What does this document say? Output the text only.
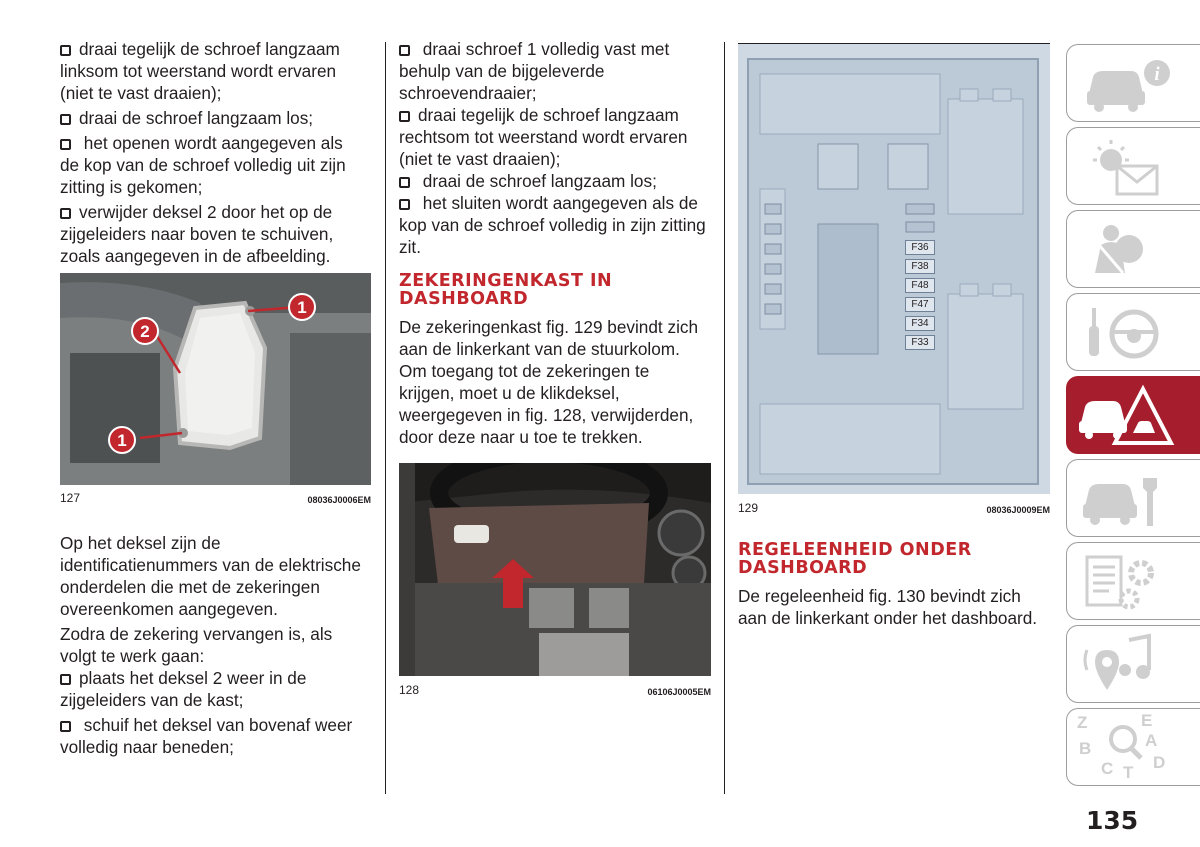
draai tegelijk de schroef langzaam
linksom tot weerstand wordt ervaren
(niet te vast draaien);

draai de schroef langzaam los;

het openen wordt aangegeven als
de kop van de schroef volledig uit zijn
zitting is gekomen;

verwijder deksel 2 door het op de
zijgeleiders naar boven te schuiven,
zoals aangegeven in de afbeelding.

1
2
1
127	08036J0006EM

Op het deksel zijn de
identificatienummers van de elektrische
onderdelen die met de zekeringen
overeenkomen aangegeven.

Zodra de zekering vervangen is, als
volgt te werk gaan:

plaats het deksel 2 weer in de
zijgeleiders van de kast;

schuif het deksel van bovenaf weer
volledig naar beneden;

draai schroef 1 volledig vast met
behulp van de bijgeleverde
schroevendraaier;

draai tegelijk de schroef langzaam
rechtsom tot weerstand wordt ervaren
(niet te vast draaien);

draai de schroef langzaam los;

het sluiten wordt aangegeven als de
kop van de schroef volledig in zijn zitting
zit.

ZEKERINGENKAST IN
DASHBOARD

De zekeringenkast fig. 129 bevindt zich
aan de linkerkant van de stuurkolom.
Om toegang tot de zekeringen te
krijgen, moet u de klikdeksel,
weergegeven in fig. 128, verwijderden,
door deze naar u toe te trekken.

128	06106J0005EM
F36
F38
F48
F47
F34
F33
129	08036J0009EM
REGELEENHEID ONDER
DASHBOARD

De regeleenheid fig. 130 bevindt zich
aan de linkerkant onder het dashboard.

i
Z	E
B	A
C T
D
135
